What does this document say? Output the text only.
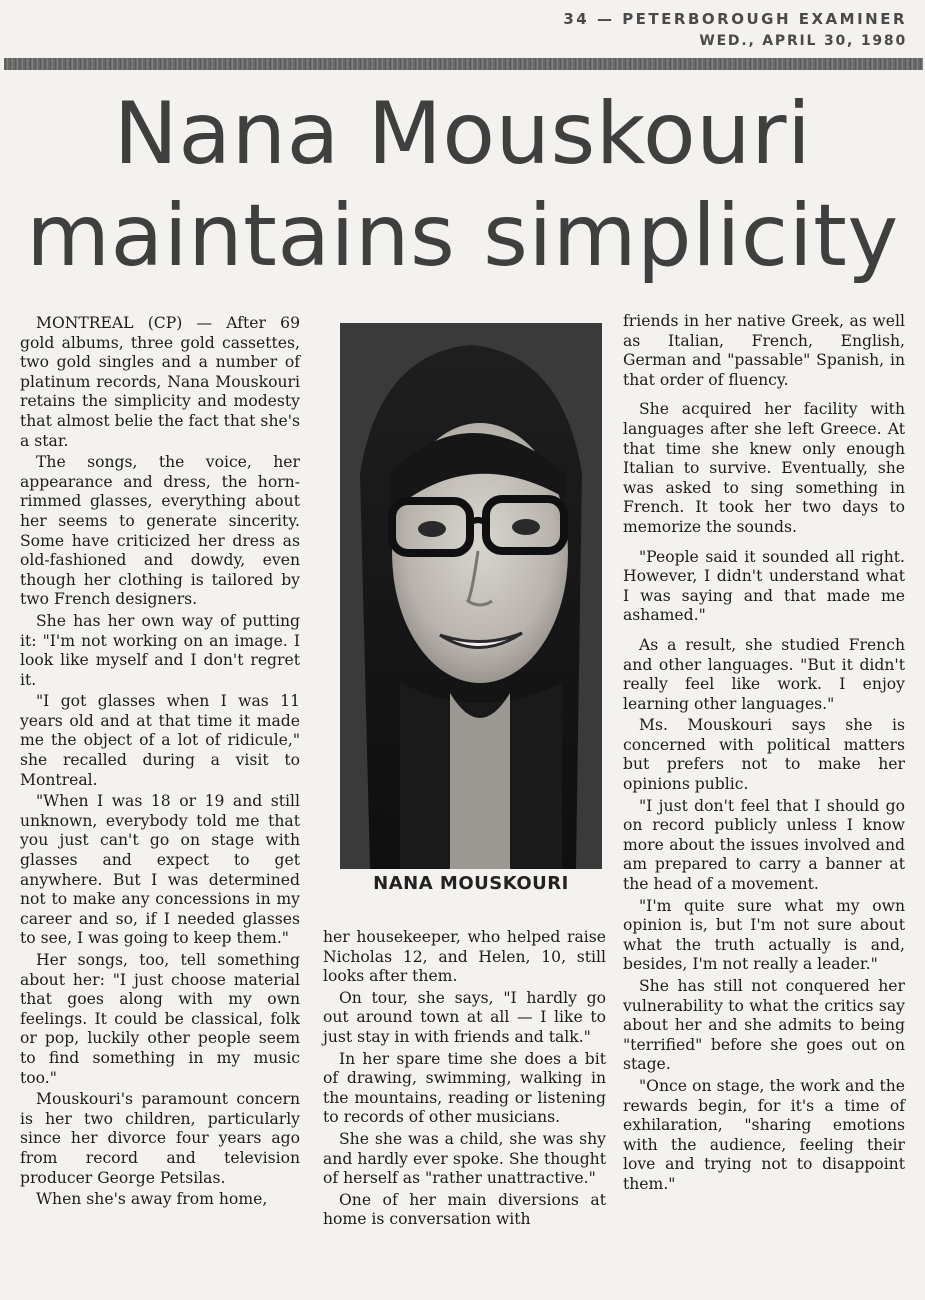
34 — PETERBOROUGH EXAMINER
WED., APRIL 30, 1980
Nana Mouskouri
maintains simplicity

MONTREAL (CP) — After 69 gold albums, three gold cassettes, two gold singles and a number of platinum records, Nana Mouskouri retains the simplicity and modesty that almost belie the fact that she's a star.

The songs, the voice, her appearance and dress, the horn-rimmed glasses, everything about her seems to generate sincerity. Some have criticized her dress as old-fashioned and dowdy, even though her clothing is tailored by two French designers.

She has her own way of putting it: "I'm not working on an image. I look like myself and I don't regret it.

"I got glasses when I was 11 years old and at that time it made me the object of a lot of ridicule," she recalled during a visit to Montreal.

"When I was 18 or 19 and still unknown, everybody told me that you just can't go on stage with glasses and expect to get anywhere. But I was determined not to make any concessions in my career and so, if I needed glasses to see, I was going to keep them."

Her songs, too, tell something about her: "I just choose material that goes along with my own feelings. It could be classical, folk or pop, luckily other people seem to find something in my music too."

Mouskouri's paramount concern is her two children, particularly since her divorce four years ago from record and television producer George Petsilas.

When she's away from home,

NANA MOUSKOURI

her housekeeper, who helped raise Nicholas 12, and Helen, 10, still looks after them.

On tour, she says, "I hardly go out around town at all — I like to just stay in with friends and talk."

In her spare time she does a bit of drawing, swimming, walking in the mountains, reading or listening to records of other musicians.

She she was a child, she was shy and hardly ever spoke. She thought of herself as "rather unattractive."

One of her main diversions at home is conversation with

friends in her native Greek, as well as Italian, French, English, German and "passable" Spanish, in that order of fluency.

She acquired her facility with languages after she left Greece. At that time she knew only enough Italian to survive. Eventually, she was asked to sing something in French. It took her two days to memorize the sounds.

"People said it sounded all right. However, I didn't understand what I was saying and that made me ashamed."

As a result, she studied French and other languages. "But it didn't really feel like work. I enjoy learning other languages."

Ms. Mouskouri says she is concerned with political matters but prefers not to make her opinions public.

"I just don't feel that I should go on record publicly unless I know more about the issues involved and am prepared to carry a banner at the head of a movement.

"I'm quite sure what my own opinion is, but I'm not sure about what the truth actually is and, besides, I'm not really a leader."

She has still not conquered her vulnerability to what the critics say about her and she admits to being "terrified" before she goes out on stage.

"Once on stage, the work and the rewards begin, for it's a time of exhilaration, "sharing emotions with the audience, feeling their love and trying not to disappoint them."
